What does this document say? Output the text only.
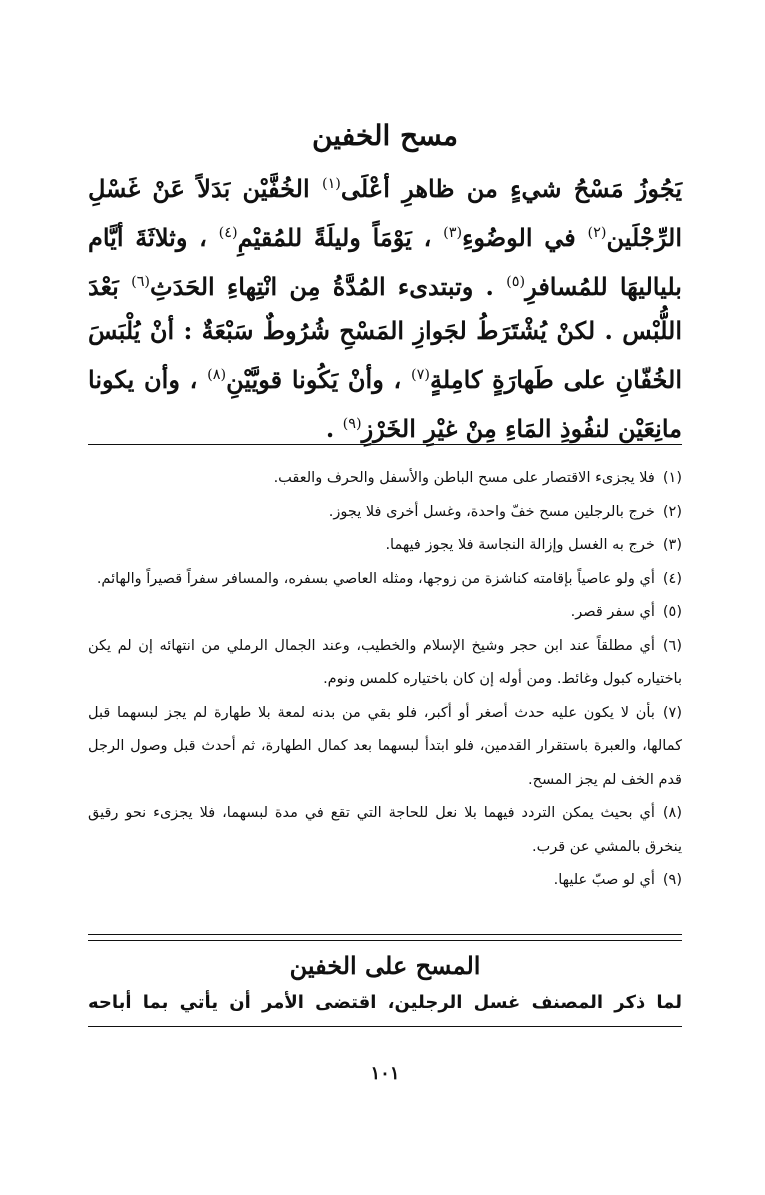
مسح الخفين

يَجُوزُ مَسْحُ شيءٍ من ظاهرِ أعْلَى$^{(١)}$ الخُفَّيْن بَدَلاً عَنْ غَسْلِ الرِّجْلَين$^{(٢)}$ في الوضُوءِ$^{(٣)}$ ، يَوْمَاً وليلَةً للمُقيْمِ$^{(٤)}$ ، وثلاثَةَ أيَّام بلياليهَا للمُسافرِ$^{(٥)}$ . وتبتدىء المُدَّةُ مِن انْتِهاءِ الحَدَثِ$^{(٦)}$ بَعْدَ اللُّبْس . لكنْ يُشْتَرَطُ لجَوازِ المَسْحِ شُرُوطٌ سَبْعَةٌ : أنْ يُلْبَسَ الخُفّانِ على طَهارَةٍ كامِلةٍ$^{(٧)}$ ، وأنْ يَكُونا قويَّيْنِ$^{(٨)}$ ، وأن يكونا مانِعَيْن لنفُوذِ المَاءِ مِنْ غيْرِ الخَرْزِ$^{(٩)}$ .

(١)فلا يجزىء الاقتصار على مسح الباطن والأسفل والحرف والعقب.
(٢)خرج بالرجلين مسح خفّ واحدة، وغسل أخرى فلا يجوز.
(٣)خرج به الغسل وإزالة النجاسة فلا يجوز فيهما.
(٤)أي ولو عاصياً بإقامته كناشزة من زوجها، ومثله العاصي بسفره، والمسافر سفراً قصيراً والهائم.
(٥)أي سفر قصر.
(٦)أي مطلقاً عند ابن حجر وشيخ الإسلام والخطيب، وعند الجمال الرملي من انتهائه إن لم يكن باختياره كبول وغائط. ومن أوله إن كان باختياره كلمس ونوم.
(٧)بأن لا يكون عليه حدث أصغر أو أكبر، فلو بقي من بدنه لمعة بلا طهارة لم يجز لبسهما قبل كمالها، والعبرة باستقرار القدمين، فلو ابتدأ لبسهما بعد كمال الطهارة، ثم أحدث قبل وصول الرجل قدم الخف لم يجز المسح.
(٨)أي بحيث يمكن التردد فيهما بلا نعل للحاجة التي تقع في مدة لبسهما، فلا يجزىء نحو رقيق ينخرق بالمشي عن قرب.
(٩)أي لو صبّ عليها.
المسح على الخفين

لما ذكر المصنف غسل الرجلين، اقتضى الأمر أن يأتي بما أباحه

١٠١
